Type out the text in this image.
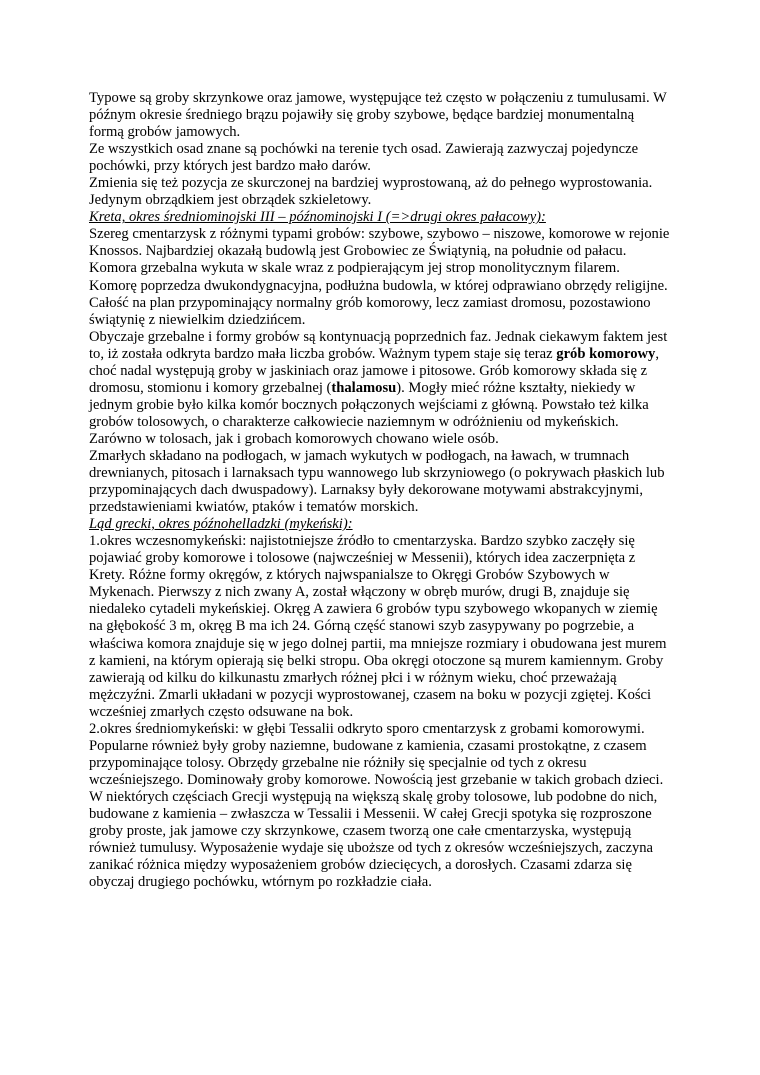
Typowe są groby skrzynkowe oraz jamowe, występujące też często w połączeniu z tumulusami. W późnym okresie średniego brązu pojawiły się groby szybowe, będące bardziej monumentalną formą grobów jamowych.

Ze wszystkich osad znane są pochówki na terenie tych osad. Zawierają zazwyczaj pojedyncze pochówki, przy których jest bardzo mało darów.

Zmienia się też pozycja ze skurczonej na bardziej wyprostowaną, aż do pełnego wyprostowania. Jedynym obrządkiem jest obrządek szkieletowy.

Kreta, okres średniominojski III – późnominojski I (=>drugi okres pałacowy):

Szereg cmentarzysk z różnymi typami grobów: szybowe, szybowo – niszowe, komorowe w rejonie Knossos. Najbardziej okazałą budowlą jest Grobowiec ze Świątynią, na południe od pałacu. Komora grzebalna wykuta w skale wraz z podpierającym jej strop monolitycznym filarem. Komorę poprzedza dwukondygnacyjna, podłużna budowla, w której odprawiano obrzędy religijne. Całość na plan przypominający normalny grób komorowy, lecz zamiast dromosu, pozostawiono świątynię z niewielkim dziedzińcem.

Obyczaje grzebalne i formy grobów są kontynuacją poprzednich faz. Jednak ciekawym faktem jest to, iż została odkryta bardzo mała liczba grobów. Ważnym typem staje się teraz grób komorowy, choć nadal występują groby w jaskiniach oraz jamowe i pitosowe. Grób komorowy składa się z dromosu, stomionu i komory grzebalnej (thalamosu). Mogły mieć różne kształty, niekiedy w jednym grobie było kilka komór bocznych połączonych wejściami z główną. Powstało też kilka grobów tolosowych, o charakterze całkowiecie naziemnym w odróżnieniu od mykeńskich. Zarówno w tolosach, jak i grobach komorowych chowano wiele osób.

Zmarłych składano na podłogach, w jamach wykutych w podłogach, na ławach, w trumnach drewnianych, pitosach i larnaksach typu wannowego lub skrzyniowego (o pokrywach płaskich lub przypominających dach dwuspadowy). Larnaksy były dekorowane motywami abstrakcyjnymi, przedstawieniami kwiatów, ptaków i tematów morskich.

Ląd grecki, okres późnohelladzki (mykeński):

1.okres wczesnomykeński: najistotniejsze źródło to cmentarzyska. Bardzo szybko zaczęły się pojawiać groby komorowe i tolosowe (najwcześniej w Messenii), których idea zaczerpnięta z Krety. Różne formy okręgów, z których najwspanialsze to Okręgi Grobów Szybowych w Mykenach. Pierwszy z nich zwany A, został włączony w obręb murów, drugi B, znajduje się niedaleko cytadeli mykeńskiej. Okręg A zawiera 6 grobów typu szybowego wkopanych w ziemię na głębokość 3 m, okręg B ma ich 24. Górną część stanowi szyb zasypywany po pogrzebie, a właściwa komora znajduje się w jego dolnej partii, ma mniejsze rozmiary i obudowana jest murem z kamieni, na którym opierają się belki stropu. Oba okręgi otoczone są murem kamiennym. Groby zawierają od kilku do kilkunastu zmarłych różnej płci i w różnym wieku, choć przeważają mężczyźni. Zmarli układani w pozycji wyprostowanej, czasem na boku w pozycji zgiętej. Kości wcześniej zmarłych często odsuwane na bok.

2.okres średniomykeński: w głębi Tessalii odkryto sporo cmentarzysk z grobami komorowymi. Popularne również były groby naziemne, budowane z kamienia, czasami prostokątne, z czasem przypominające tolosy. Obrzędy grzebalne nie różniły się specjalnie od tych z okresu wcześniejszego. Dominowały groby komorowe. Nowością jest grzebanie w takich grobach dzieci. W niektórych częściach Grecji występują na większą skalę groby tolosowe, lub podobne do nich, budowane z kamienia – zwłaszcza w Tessalii i Messenii. W całej Grecji spotyka się rozproszone groby proste, jak jamowe czy skrzynkowe, czasem tworzą one całe cmentarzyska, występują również tumulusy. Wyposażenie wydaje się uboższe od tych z okresów wcześniejszych, zaczyna zanikać różnica między wyposażeniem grobów dziecięcych, a dorosłych. Czasami zdarza się obyczaj drugiego pochówku, wtórnym po rozkładzie ciała.
